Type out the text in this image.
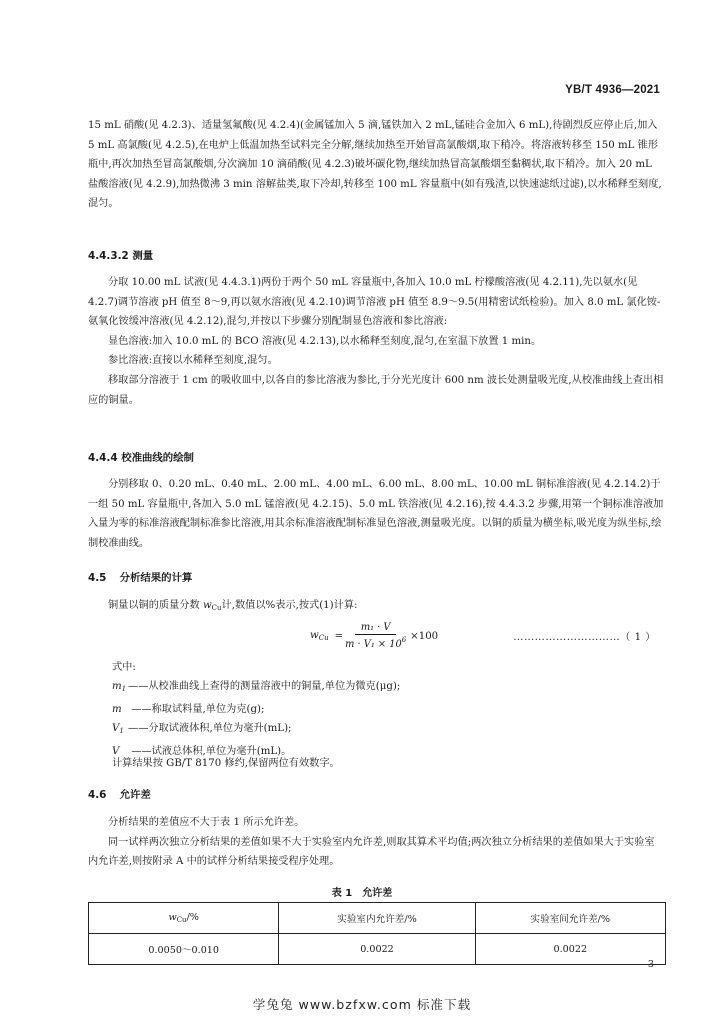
YB/T 4936—2021
15 mL 硝酸(见 4.2.3)、适量氢氟酸(见 4.2.4)(金属锰加入 5 滴,锰铁加入 2 mL,锰硅合金加入 6 mL),待剧烈反应停止后,加入 5 mL 高氯酸(见 4.2.5),在电炉上低温加热至试料完全分解,继续加热至开始冒高氯酸烟,取下稍冷。将溶液转移至 150 mL 锥形瓶中,再次加热至冒高氯酸烟,分次滴加 10 滴硝酸(见 4.2.3)破坏碳化物,继续加热冒高氯酸烟至黏稠状,取下稍冷。加入 20 mL 盐酸溶液(见 4.2.9),加热微沸 3 min 溶解盐类,取下冷却,转移至 100 mL 容量瓶中(如有残渣,以快速滤纸过滤),以水稀释至刻度,混匀。
4.4.3.2 测量
分取 10.00 mL 试液(见 4.4.3.1)两份于两个 50 mL 容量瓶中,各加入 10.0 mL 柠檬酸溶液(见 4.2.11),先以氨水(见 4.2.7)调节溶液 pH 值至 8～9,再以氨水溶液(见 4.2.10)调节溶液 pH 值至 8.9～9.5(用精密试纸检验)。加入 8.0 mL 氯化铵-氨氧化铵缓冲溶液(见 4.2.12),混匀,并按以下步骤分别配制显色溶液和参比溶液:
显色溶液:加入 10.0 mL 的 BCO 溶液(见 4.2.13),以水稀释至刻度,混匀,在室温下放置 1 min。
参比溶液:直接以水稀释至刻度,混匀。
移取部分溶液于 1 cm 的吸收皿中,以各自的参比溶液为参比,于分光光度计 600 nm 波长处测量吸光度,从校准曲线上查出相应的铜量。
4.4.4 校准曲线的绘制
分别移取 0、0.20 mL、0.40 mL、2.00 mL、4.00 mL、6.00 mL、8.00 mL、10.00 mL 铜标准溶液(见 4.2.14.2)于一组 50 mL 容量瓶中,各加入 5.0 mL 锰溶液(见 4.2.15)、5.0 mL 铁溶液(见 4.2.16),按 4.4.3.2 步骤,用第一个铜标准溶液加入量为零的标准溶液配制标准参比溶液,用其余标准溶液配制标准显色溶液,测量吸光度。以铜的质量为横坐标,吸光度为纵坐标,绘制校准曲线。
4.5 分析结果的计算
铜量以铜的质量分数 $w_{Cu}$计,数值以%表示,按式(1)计算:
$w_{Cu} = \frac{\text{m₁ · V}}{m \cdot V_1 \times 10^6} \times 100$	…………………………（ 1 ）
式中:
$m_1$ ——从校准曲线上查得的测量溶液中的铜量,单位为微克(μg);
m ——称取试料量,单位为克(g);
$V_1$ ——分取试液体积,单位为毫升(mL);
V ——试液总体积,单位为毫升(mL)。
计算结果按 GB/T 8170 修约,保留两位有效数字。
4.6 允许差
分析结果的差值应不大于表 1 所示允许差。
同一试样两次独立分析结果的差值如果不大于实验室内允许差,则取其算术平均值;两次独立分析结果的差值如果大于实验室内允许差,则按附录 A 中的试样分析结果接受程序处理。
表 1　允许差
$w_{Cu}/\%$	实验室内允许差/%	实验室间允许差/%
0.0050～0.010	0.0022	0.0022
3
学兔兔 www.bzfxw.com 标准下载
